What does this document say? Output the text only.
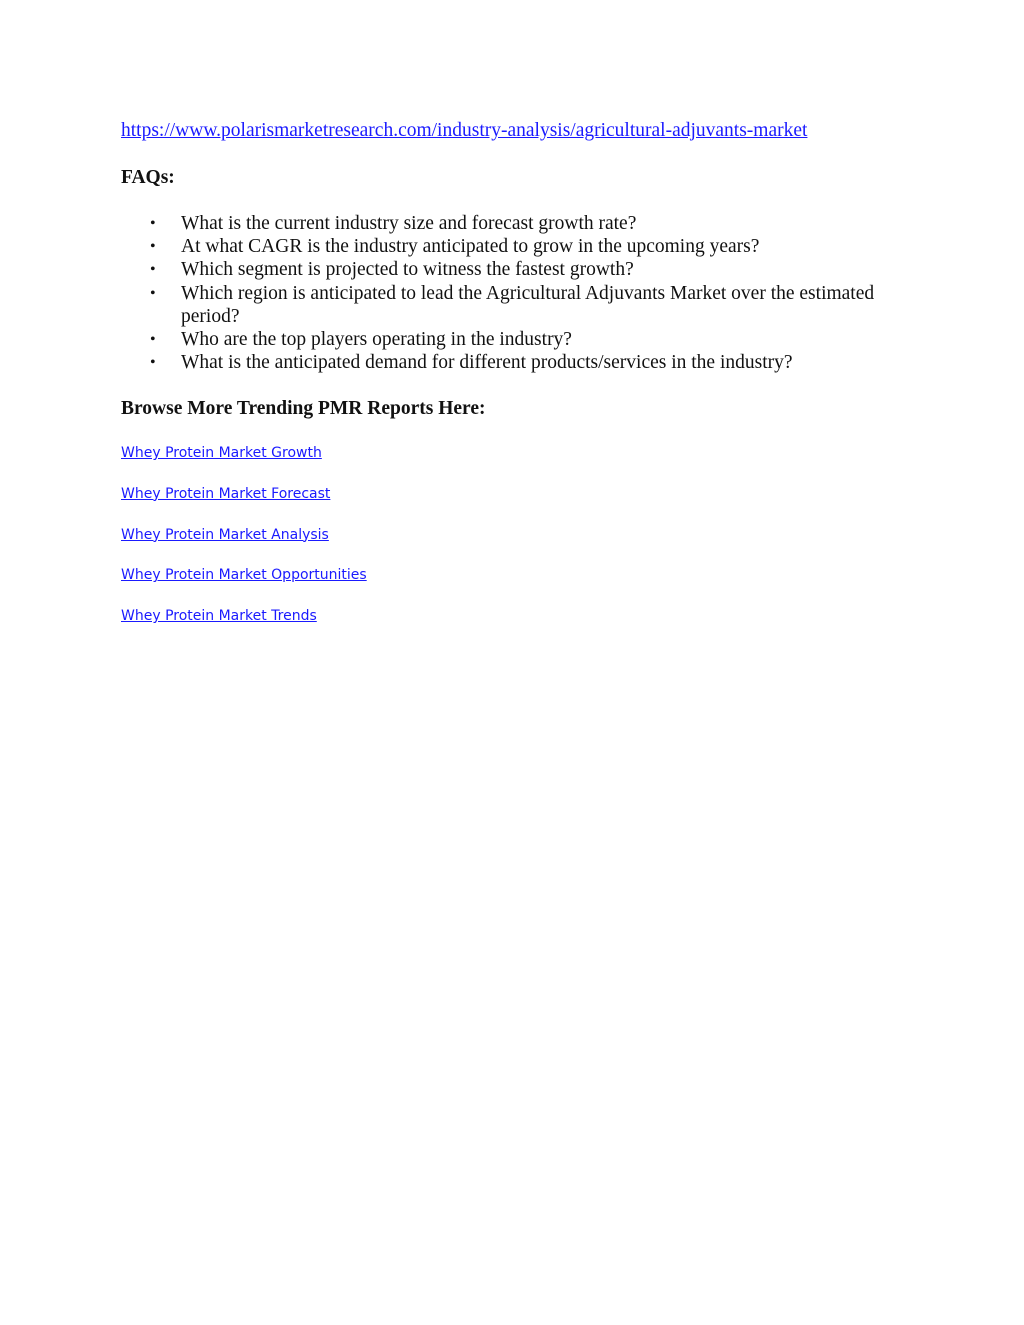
https://www.polarismarketresearch.com/industry-analysis/agricultural-adjuvants-market
FAQs:
•	What is the current industry size and forecast growth rate?
•	At what CAGR is the industry anticipated to grow in the upcoming years?
•	Which segment is projected to witness the fastest growth?
•	Which region is anticipated to lead the Agricultural Adjuvants Market over the estimated period?
•	Who are the top players operating in the industry?
•	What is the anticipated demand for different products/services in the industry?
Browse More Trending PMR Reports Here:
Whey Protein Market Growth
Whey Protein Market Forecast
Whey Protein Market Analysis
Whey Protein Market Opportunities
Whey Protein Market Trends
